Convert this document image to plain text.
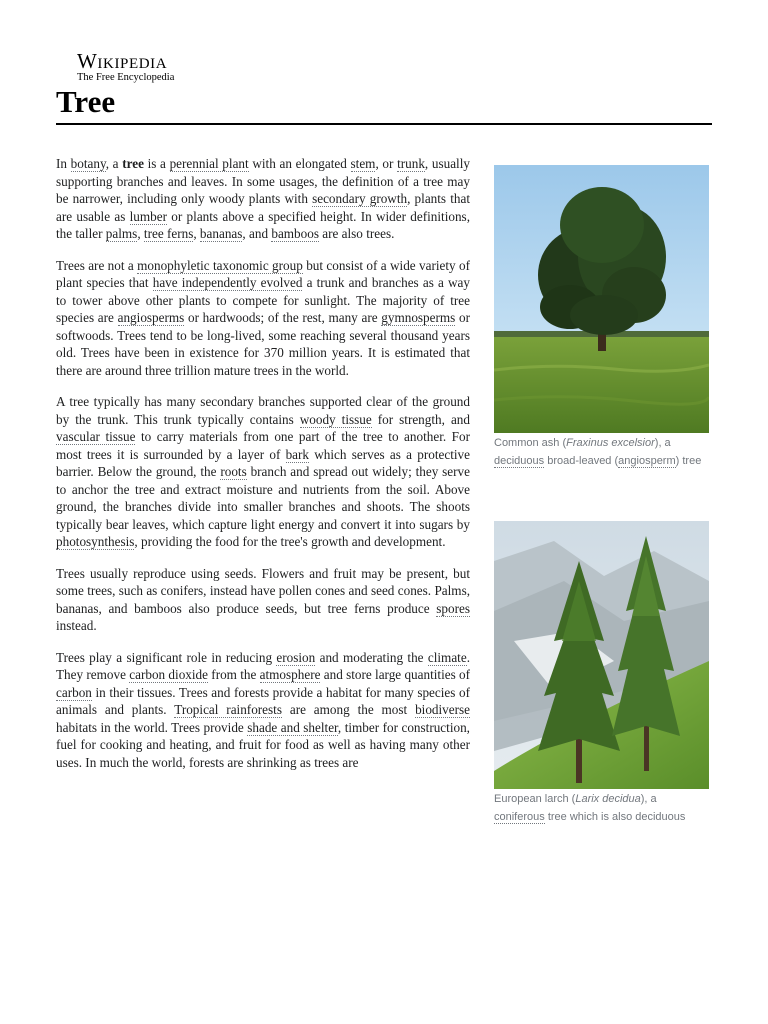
Wikipedia
The Free Encyclopedia
Tree

In botany, a tree is a perennial plant with an elongated stem, or trunk, usually supporting branches and leaves. In some usages, the definition of a tree may be narrower, including only woody plants with secondary growth, plants that are usable as lumber or plants above a specified height. In wider definitions, the taller palms, tree ferns, bananas, and bamboos are also trees.

Trees are not a monophyletic taxonomic group but consist of a wide variety of plant species that have independently evolved a trunk and branches as a way to tower above other plants to compete for sunlight. The majority of tree species are angiosperms or hardwoods; of the rest, many are gymnosperms or softwoods. Trees tend to be long-lived, some reaching several thousand years old. Trees have been in existence for 370 million years. It is estimated that there are around three trillion mature trees in the world.

A tree typically has many secondary branches supported clear of the ground by the trunk. This trunk typically contains woody tissue for strength, and vascular tissue to carry materials from one part of the tree to another. For most trees it is surrounded by a layer of bark which serves as a protective barrier. Below the ground, the roots branch and spread out widely; they serve to anchor the tree and extract moisture and nutrients from the soil. Above ground, the branches divide into smaller branches and shoots. The shoots typically bear leaves, which capture light energy and convert it into sugars by photosynthesis, providing the food for the tree's growth and development.

Trees usually reproduce using seeds. Flowers and fruit may be present, but some trees, such as conifers, instead have pollen cones and seed cones. Palms, bananas, and bamboos also produce seeds, but tree ferns produce spores instead.

Trees play a significant role in reducing erosion and moderating the climate. They remove carbon dioxide from the atmosphere and store large quantities of carbon in their tissues. Trees and forests provide a habitat for many species of animals and plants. Tropical rainforests are among the most biodiverse habitats in the world. Trees provide shade and shelter, timber for construction, fuel for cooking and heating, and fruit for food as well as having many other uses. In much the world, forests are shrinking as trees are

Common ash (Fraxinus excelsior), a deciduous broad-leaved (angiosperm) tree
European larch (Larix decidua), a coniferous tree which is also deciduous
